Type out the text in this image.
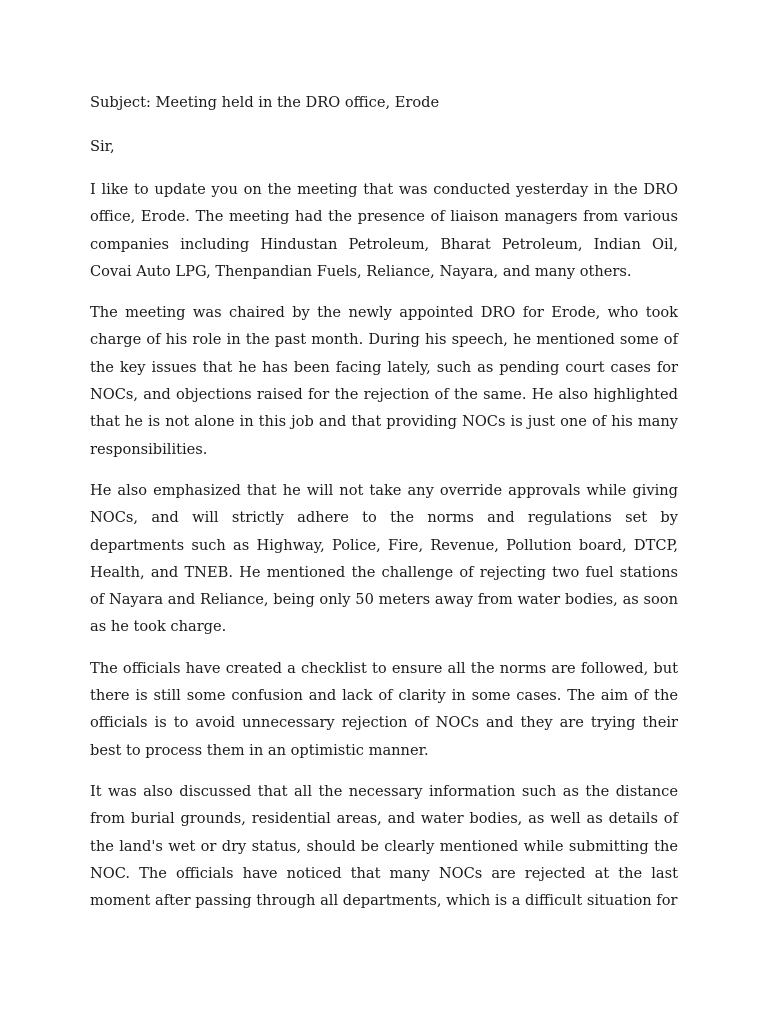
Subject: Meeting held in the DRO office, Erode

Sir,

I like to update you on the meeting that was conducted yesterday in the DRO office, Erode. The meeting had the presence of liaison managers from various companies including Hindustan Petroleum, Bharat Petroleum, Indian Oil, Covai Auto LPG, Thenpandian Fuels, Reliance, Nayara, and many others.

The meeting was chaired by the newly appointed DRO for Erode, who took charge of his role in the past month. During his speech, he mentioned some of the key issues that he has been facing lately, such as pending court cases for NOCs, and objections raised for the rejection of the same. He also highlighted that he is not alone in this job and that providing NOCs is just one of his many responsibilities.

He also emphasized that he will not take any override approvals while giving NOCs, and will strictly adhere to the norms and regulations set by departments such as Highway, Police, Fire, Revenue, Pollution board, DTCP, Health, and TNEB. He mentioned the challenge of rejecting two fuel stations of Nayara and Reliance, being only 50 meters away from water bodies, as soon as he took charge.

The officials have created a checklist to ensure all the norms are followed, but there is still some confusion and lack of clarity in some cases. The aim of the officials is to avoid unnecessary rejection of NOCs and they are trying their best to process them in an optimistic manner.

It was also discussed that all the necessary information such as the distance from burial grounds, residential areas, and water bodies, as well as details of the land's wet or dry status, should be clearly mentioned while submitting the NOC. The officials have noticed that many NOCs are rejected at the last moment after passing through all departments, which is a difficult situation for
